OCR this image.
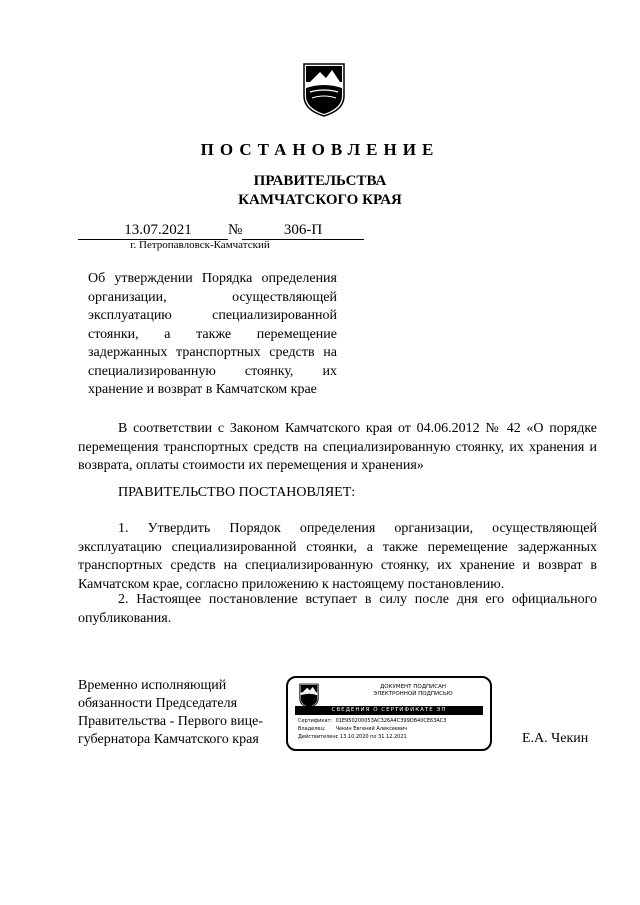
ПОСТАНОВЛЕНИЕ
ПРАВИТЕЛЬСТВА
КАМЧАТСКОГО КРАЯ
13.07.2021	№	306-П
г. Петропавловск-Камчатский
Об утверждении Порядка определения организации, осуществляющей эксплуатацию специализированной стоянки, а также перемещение задержанных транспортных средств на специализированную стоянку, их хранение и возврат в Камчатском крае
В соответствии с Законом Камчатского края от 04.06.2012 № 42 «О порядке перемещения транспортных средств на специализированную стоянку, их хранения и возврата, оплаты стоимости их перемещения и хранения»
ПРАВИТЕЛЬСТВО ПОСТАНОВЛЯЕТ:
1. Утвердить Порядок определения организации, осуществляющей эксплуатацию специализированной стоянки, а также перемещение задержанных транспортных средств на специализированную стоянку, их хранение и возврат в Камчатском крае, согласно приложению к настоящему постановлению.
2. Настоящее постановление вступает в силу после дня его официального опубликования.
Временно исполняющий
обязанности Председателя
Правительства - Первого вице-
губернатора Камчатского края
ДОКУМЕНТ ПОДПИСАН
ЭЛЕКТРОННОЙ ПОДПИСЬЮ
СВЕДЕНИЯ О СЕРТИФИКАТЕ ЭП
Сертификат: 01E950200053AC326A4C399DB40CE63AC3
Владелец: Чекин Евгений Алексеевич
Действителен: с 13.10.2020 по 31.12.2021	Е.А. Чекин
